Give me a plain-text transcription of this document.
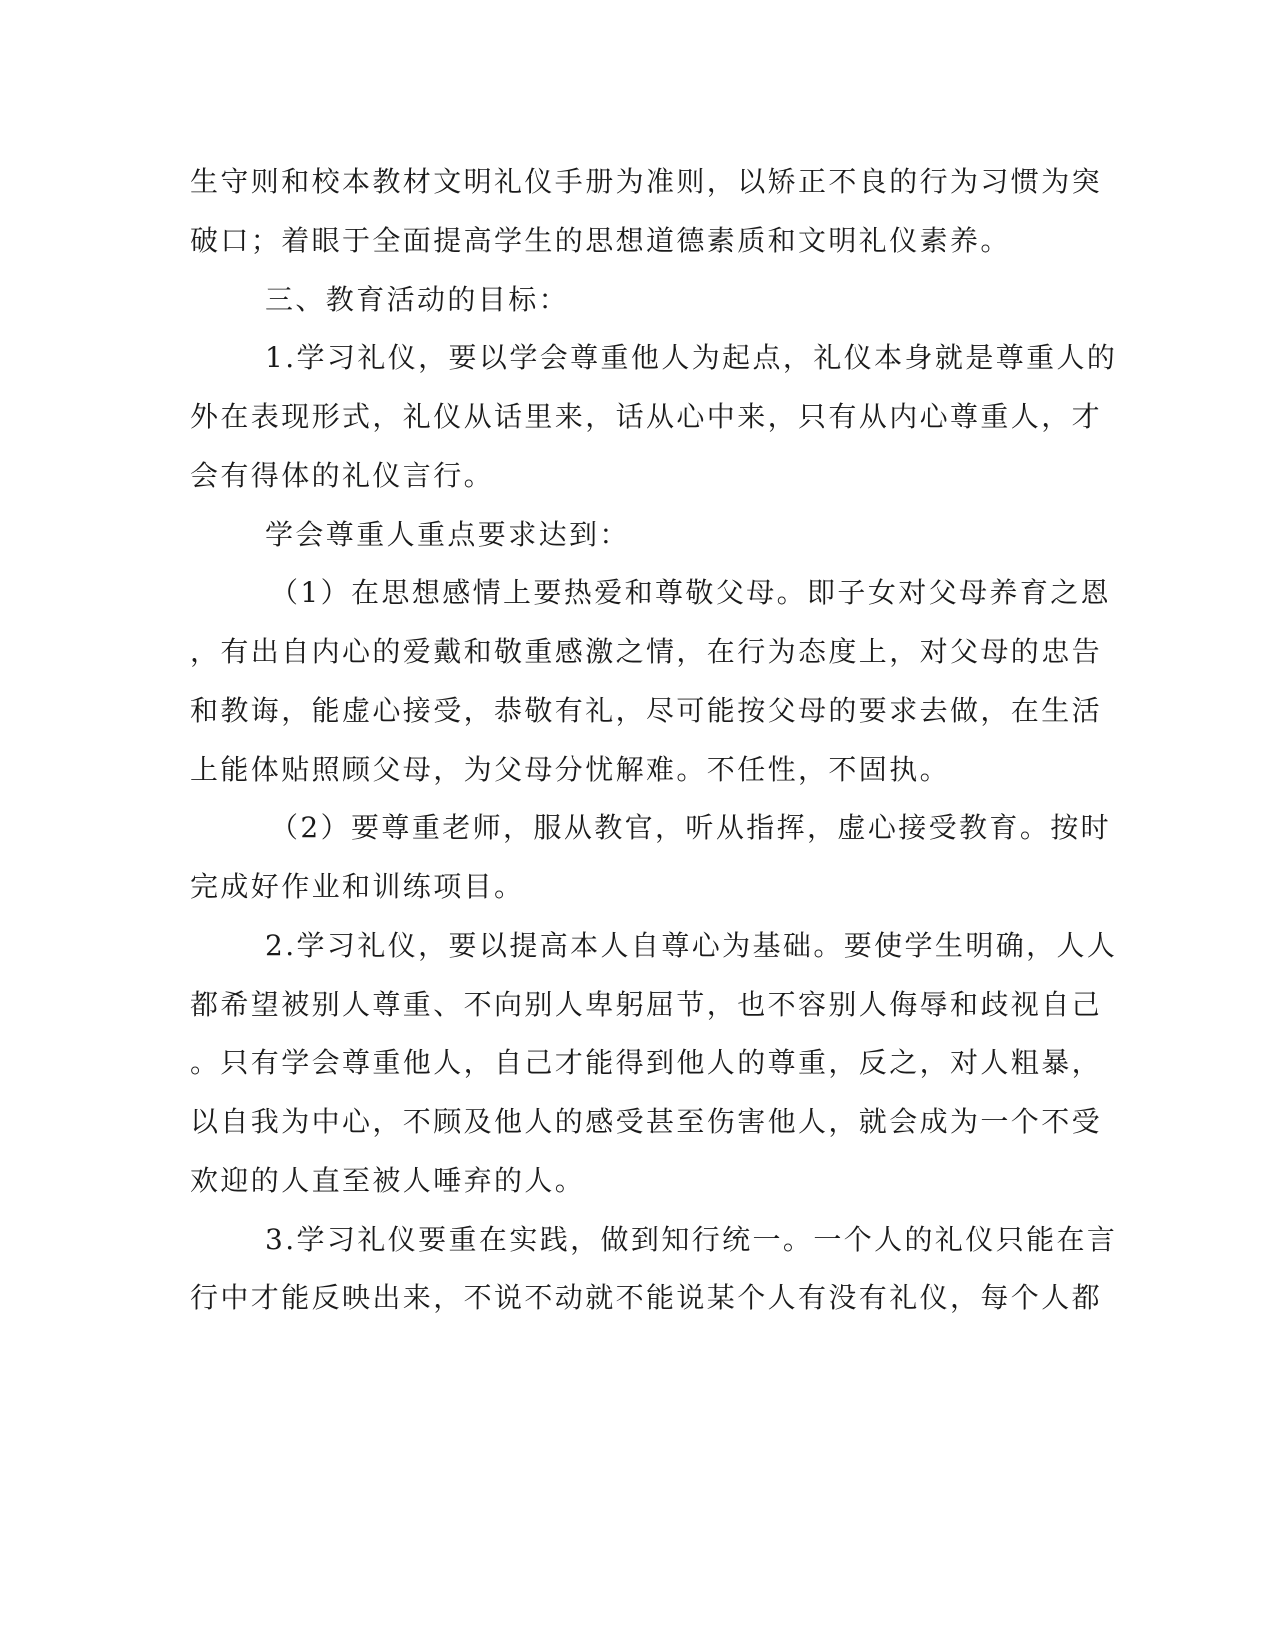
生守则和校本教材文明礼仪手册为准则，以矫正不良的行为习惯为突
破口；着眼于全面提高学生的思想道德素质和文明礼仪素养。
三、教育活动的目标：
1.学习礼仪，要以学会尊重他人为起点，礼仪本身就是尊重人的
外在表现形式，礼仪从话里来，话从心中来，只有从内心尊重人，才
会有得体的礼仪言行。
学会尊重人重点要求达到：
（1）在思想感情上要热爱和尊敬父母。即子女对父母养育之恩
，有出自内心的爱戴和敬重感激之情，在行为态度上，对父母的忠告
和教诲，能虚心接受，恭敬有礼，尽可能按父母的要求去做，在生活
上能体贴照顾父母，为父母分忧解难。不任性，不固执。
（2）要尊重老师，服从教官，听从指挥，虚心接受教育。按时
完成好作业和训练项目。
2.学习礼仪，要以提高本人自尊心为基础。要使学生明确，人人
都希望被别人尊重、不向别人卑躬屈节，也不容别人侮辱和歧视自己
。只有学会尊重他人，自己才能得到他人的尊重，反之，对人粗暴，
以自我为中心，不顾及他人的感受甚至伤害他人，就会成为一个不受
欢迎的人直至被人唾弃的人。
3.学习礼仪要重在实践，做到知行统一。一个人的礼仪只能在言
行中才能反映出来，不说不动就不能说某个人有没有礼仪，每个人都
